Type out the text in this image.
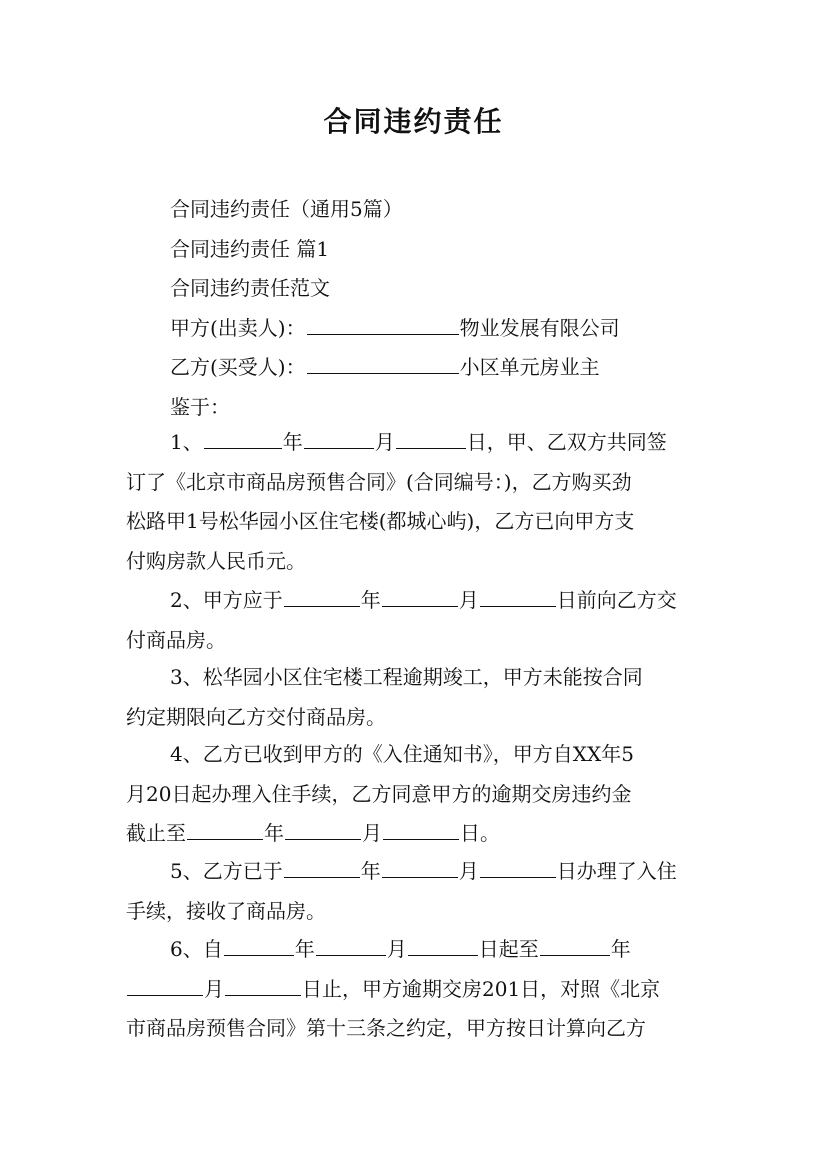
合同违约责任
合同违约责任（通用5篇）
合同违约责任 篇1
合同违约责任范文
甲方(出卖人)：	物业发展有限公司
乙方(买受人)：	小区单元房业主
鉴于：
1、	年	月	日，甲、乙双方共同签
订了《北京市商品房预售合同》(合同编号：)，乙方购买劲
松路甲1号松华园小区住宅楼(都城心屿)，乙方已向甲方支
付购房款人民币元。
2、甲方应于	年	月	日前向乙方交
付商品房。
3、松华园小区住宅楼工程逾期竣工，甲方未能按合同
约定期限向乙方交付商品房。
4、乙方已收到甲方的《入住通知书》，甲方自XX年5
月20日起办理入住手续，乙方同意甲方的逾期交房违约金
截止至	年	月	日。
5、乙方已于	年	月	日办理了入住
手续，接收了商品房。
6、自	年	月	日起至	年
月	日止，甲方逾期交房201日，对照《北京
市商品房预售合同》第十三条之约定，甲方按日计算向乙方
